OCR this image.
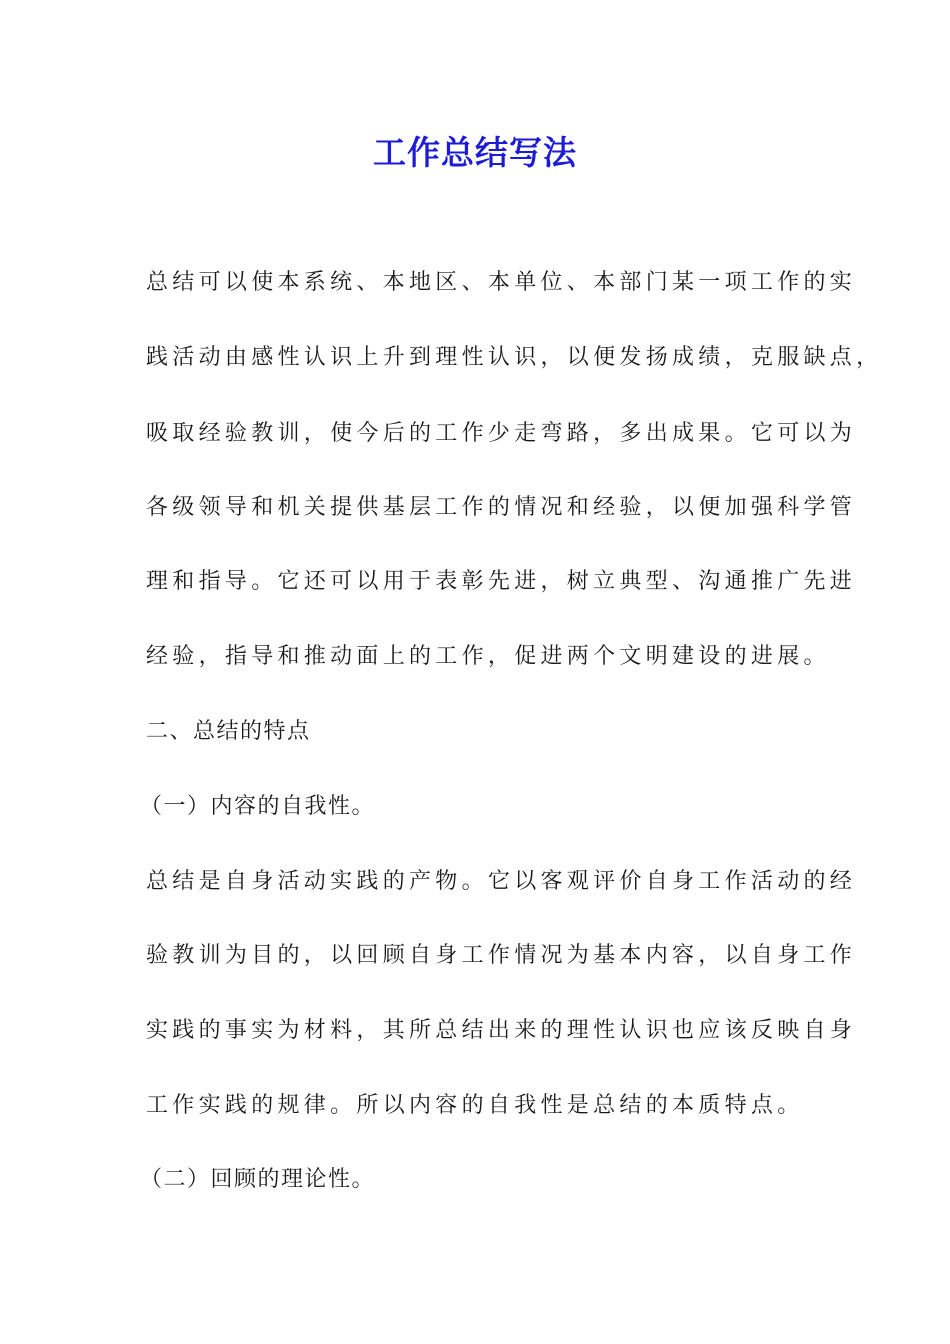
工作总结写法

总结可以使本系统、本地区、本单位、本部门某一项工作的实

践活动由感性认识上升到理性认识，以便发扬成绩，克服缺点，

吸取经验教训，使今后的工作少走弯路，多出成果。它可以为

各级领导和机关提供基层工作的情况和经验，以便加强科学管

理和指导。它还可以用于表彰先进，树立典型、沟通推广先进

经验，指导和推动面上的工作，促进两个文明建设的进展。

二、总结的特点

（一）内容的自我性。

总结是自身活动实践的产物。它以客观评价自身工作活动的经

验教训为目的，以回顾自身工作情况为基本内容，以自身工作

实践的事实为材料，其所总结出来的理性认识也应该反映自身

工作实践的规律。所以内容的自我性是总结的本质特点。

（二）回顾的理论性。
